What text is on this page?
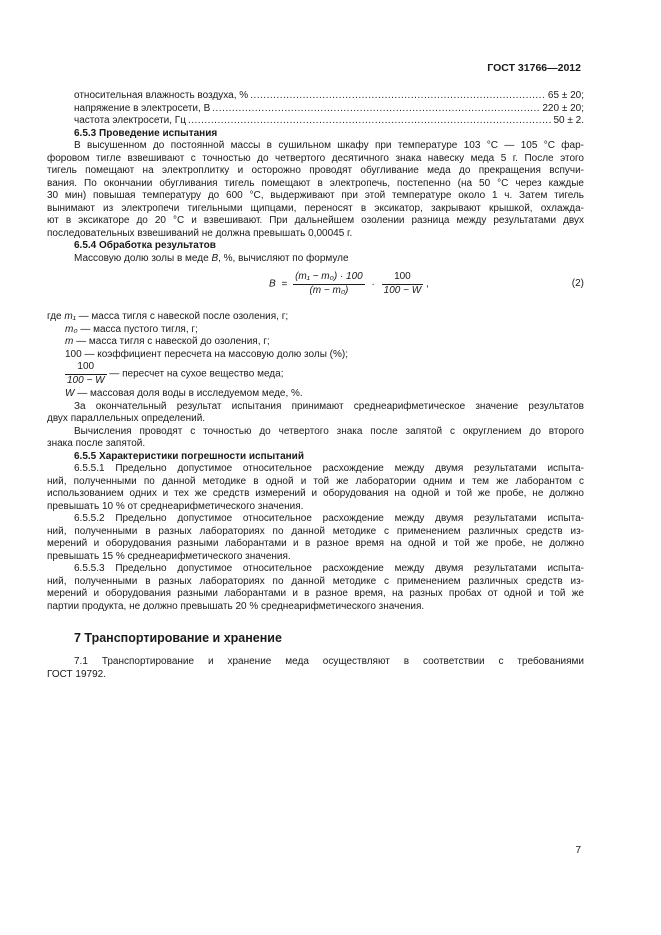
ГОСТ 31766—2012
относительная влажность воздуха, % .....	65 ± 20;
напряжение в электросети, В .....	220 ± 20;
частота электросети, Гц .....	50 ± 2.
6.5.3 Проведение испытания
В высушенном до постоянной массы в сушильном шкафу при температуре 103 °С — 105 °С фар-
форовом тигле взвешивают с точностью до четвертого десятичного знака навеску меда 5 г. После этого
тигель помещают на электроплитку и осторожно проводят обугливание меда до прекращения вспучи-
вания. По окончании обугливания тигель помещают в электропечь, постепенно (на 50 °С через каждые
30 мин) повышая температуру до 600 °С, выдерживают при этой температуре около 1 ч. Затем тигель
вынимают из электропечи тигельными щипцами, переносят в эксикатор, закрывают крышкой, охлажда-
ют в эксикаторе до 20 °С и взвешивают. При дальнейшем озолении разница между результатами двух
последовательных взвешиваний не должна превышать 0,00045 г.
6.5.4 Обработка результатов
Массовую долю золы в меде B, %, вычисляют по формуле
$B = \frac{\text{(m₁ − m₀) · 100}}{\text{(m − m₀)}} \cdot \frac{100}{100 - W}$ ,	(2)
где m₁ — масса тигля с навеской после озоления, г;
m₀ — масса пустого тигля, г;
m — масса тигля с навеской до озоления, г;
100 — коэффициент пересчета на массовую долю золы (%);
$\frac{100}{100 - W}$ — пересчет на сухое вещество меда;
W — массовая доля воды в исследуемом меде, %.
За окончательный результат испытания принимают среднеарифметическое значение результатов
двух параллельных определений.
Вычисления проводят с точностью до четвертого знака после запятой с округлением до второго
знака после запятой.
6.5.5 Характеристики погрешности испытаний
6.5.5.1 Предельно допустимое относительное расхождение между двумя результатами испыта-
ний, полученными по данной методике в одной и той же лаборатории одним и тем же лаборантом с
использованием одних и тех же средств измерений и оборудования на одной и той же пробе, не должно
превышать 10 % от среднеарифметического значения.
6.5.5.2 Предельно допустимое относительное расхождение между двумя результатами испыта-
ний, полученными в разных лабораториях по данной методике с применением различных средств из-
мерений и оборудования разными лаборантами и в разное время на одной и той же пробе, не должно
превышать 15 % среднеарифметического значения.
6.5.5.3 Предельно допустимое относительное расхождение между двумя результатами испыта-
ний, полученными в разных лабораториях по данной методике с применением различных средств из-
мерений и оборудования разными лаборантами и в разное время, на разных пробах от одной и той же
партии продукта, не должно превышать 20 % среднеарифметического значения.
7 Транспортирование и хранение
7.1 Транспортирование и хранение меда осуществляют в соответствии с требованиями
ГОСТ 19792.
7
